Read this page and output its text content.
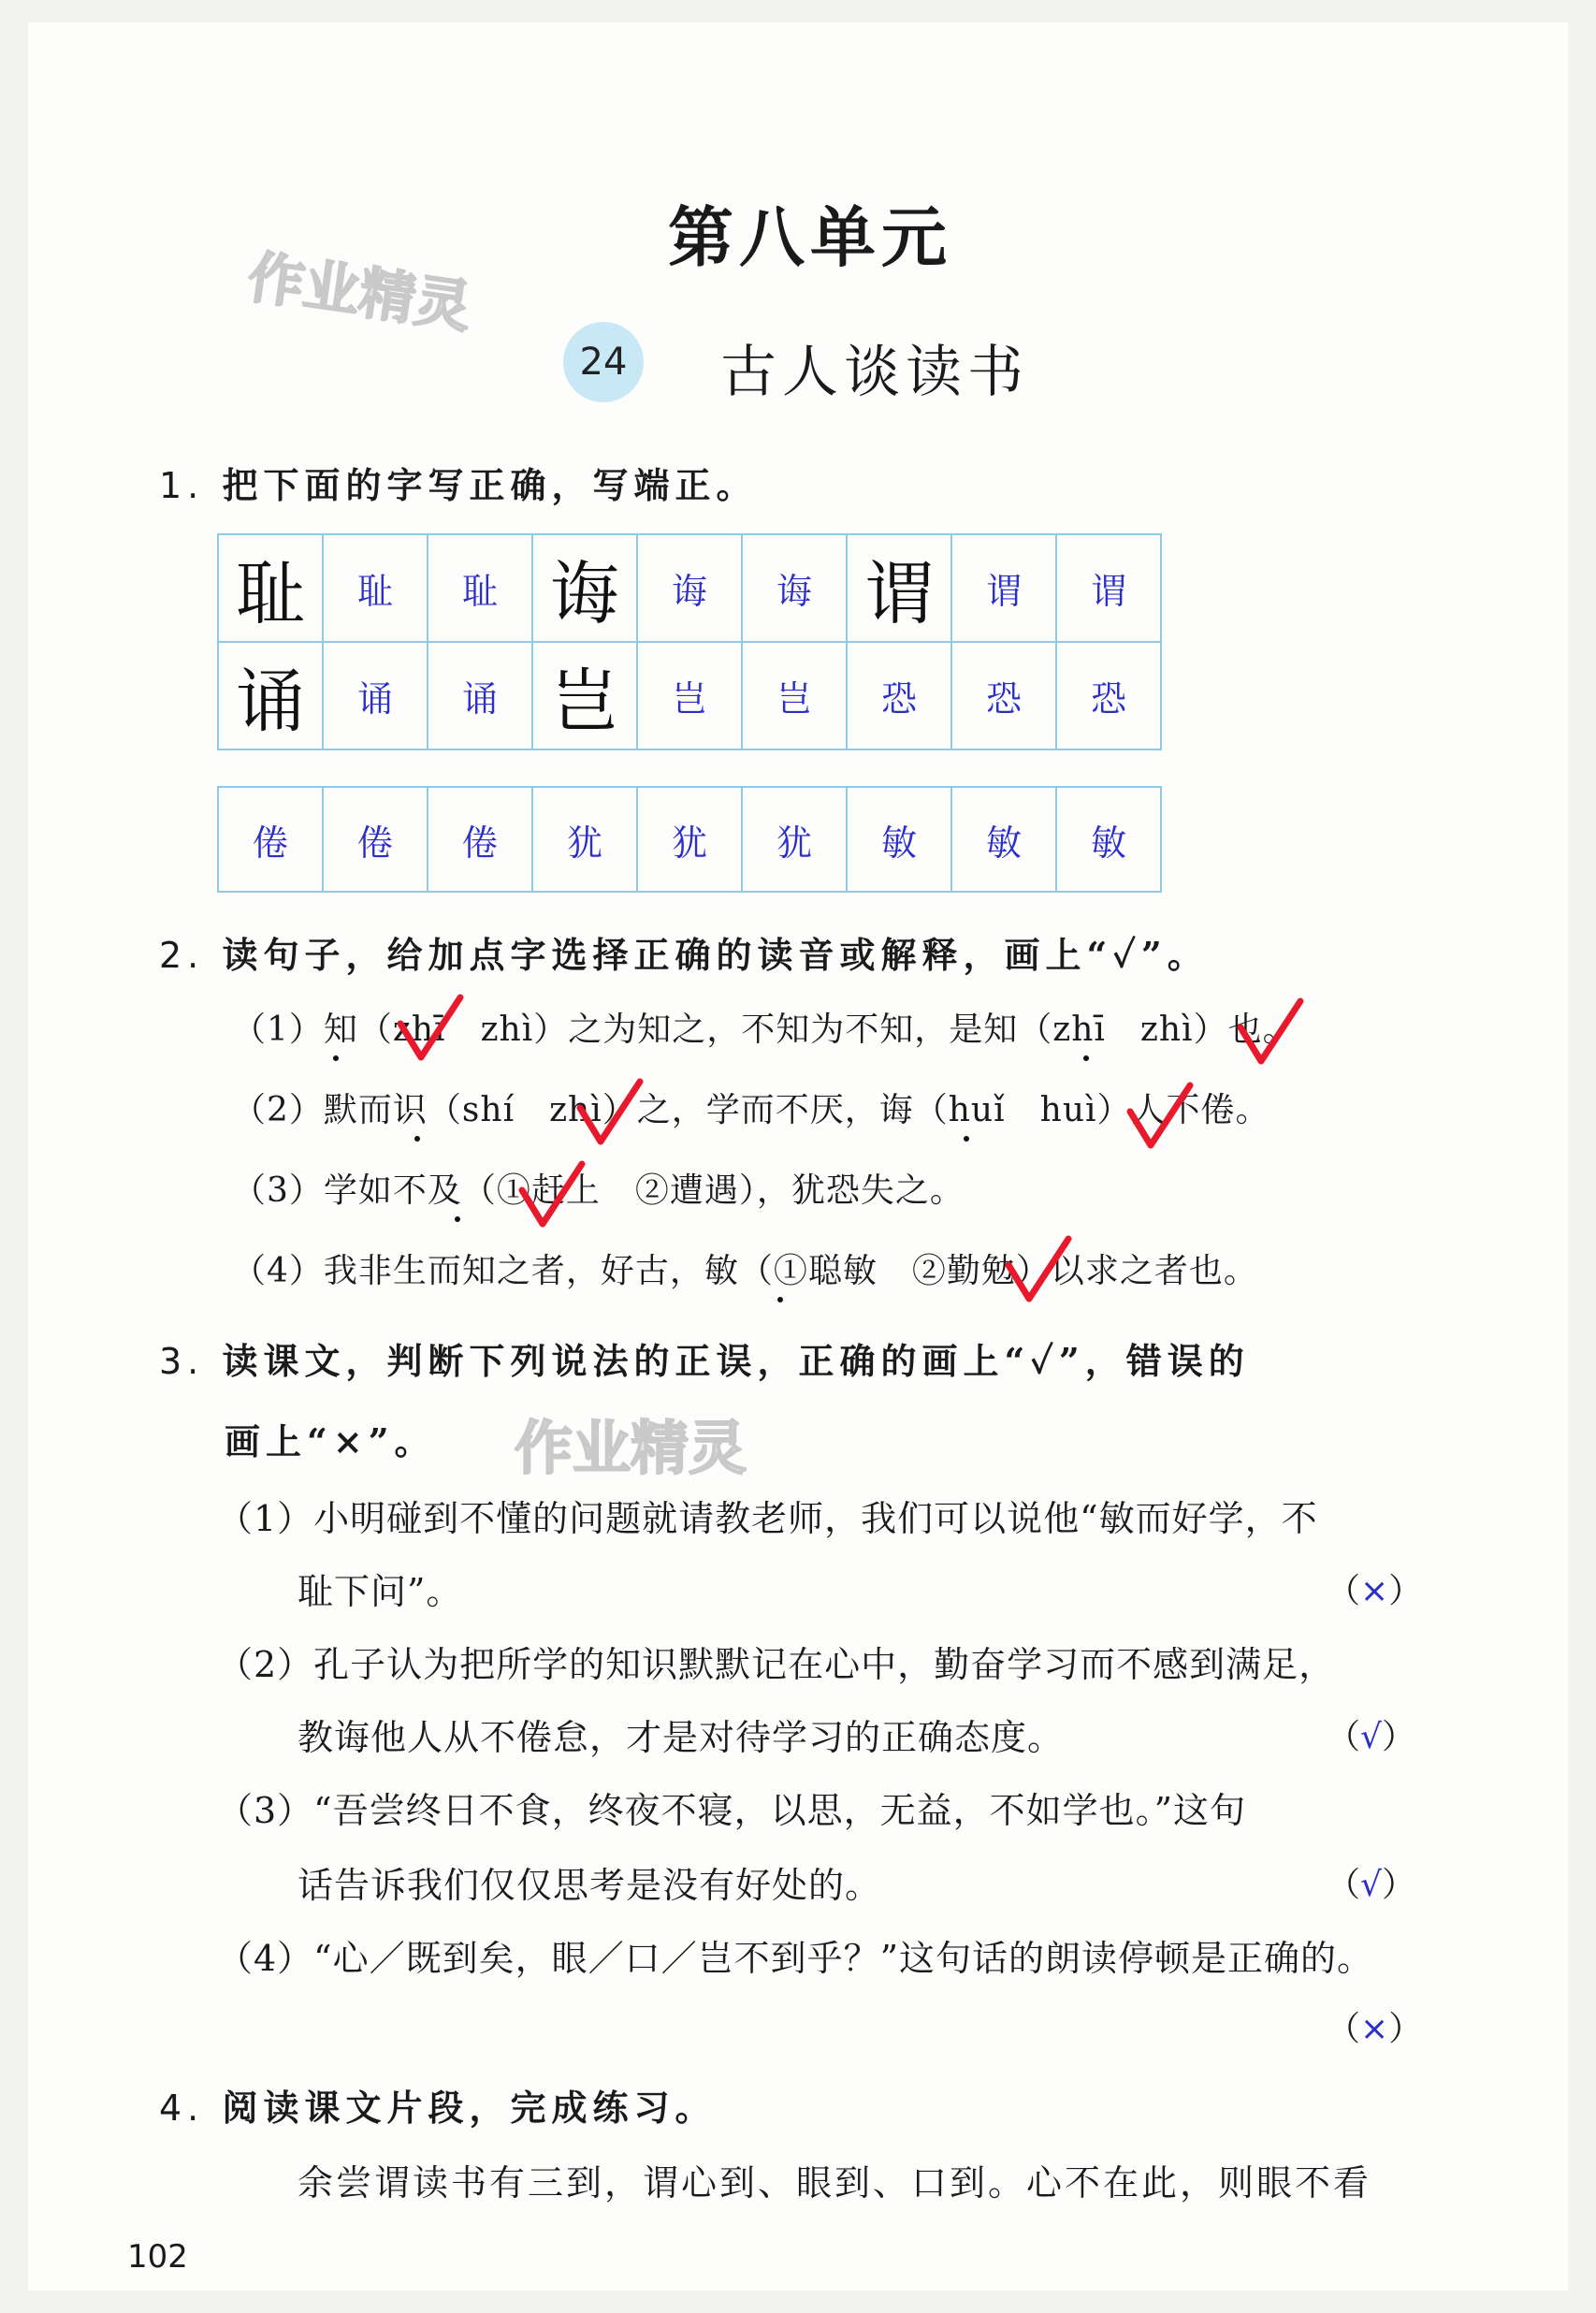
作业精灵
作业精灵
第八单元
24 古人谈读书
1. 把下面的字写正确，写端正。
耻	耻	耻	诲	诲	诲	谓	谓	谓
诵	诵	诵	岂	岂	岂	恐	恐	恐
倦	倦	倦	犹	犹	犹	敏	敏	敏
2. 读句子，给加点字选择正确的读音或解释，画上“✓”。
（1）知（zhī　zhì）之为知之，不知为不知，是知（zhī　zhì）也。
（2）默而识（shí　zhì）之，学而不厌，诲（huǐ　huì）人不倦。
（3）学如不及（①赶上　②遭遇），犹恐失之。
（4）我非生而知之者，好古，敏（①聪敏　②勤勉）以求之者也。
3. 读课文，判断下列说法的正误，正确的画上“✓”，错误的
画上“×”。
（1）小明碰到不懂的问题就请教老师，我们可以说他“敏而好学，不
耻下问”。	（×）
（2）孔子认为把所学的知识默默记在心中，勤奋学习而不感到满足，
教诲他人从不倦怠，才是对待学习的正确态度。	（√）
（3）“吾尝终日不食，终夜不寝，以思，无益，不如学也。”这句
话告诉我们仅仅思考是没有好处的。	（√）
（4）“心／既到矣，眼／口／岂不到乎？”这句话的朗读停顿是正确的。
（×）
4. 阅读课文片段，完成练习。
余尝谓读书有三到，谓心到、眼到、口到。心不在此，则眼不看
102
